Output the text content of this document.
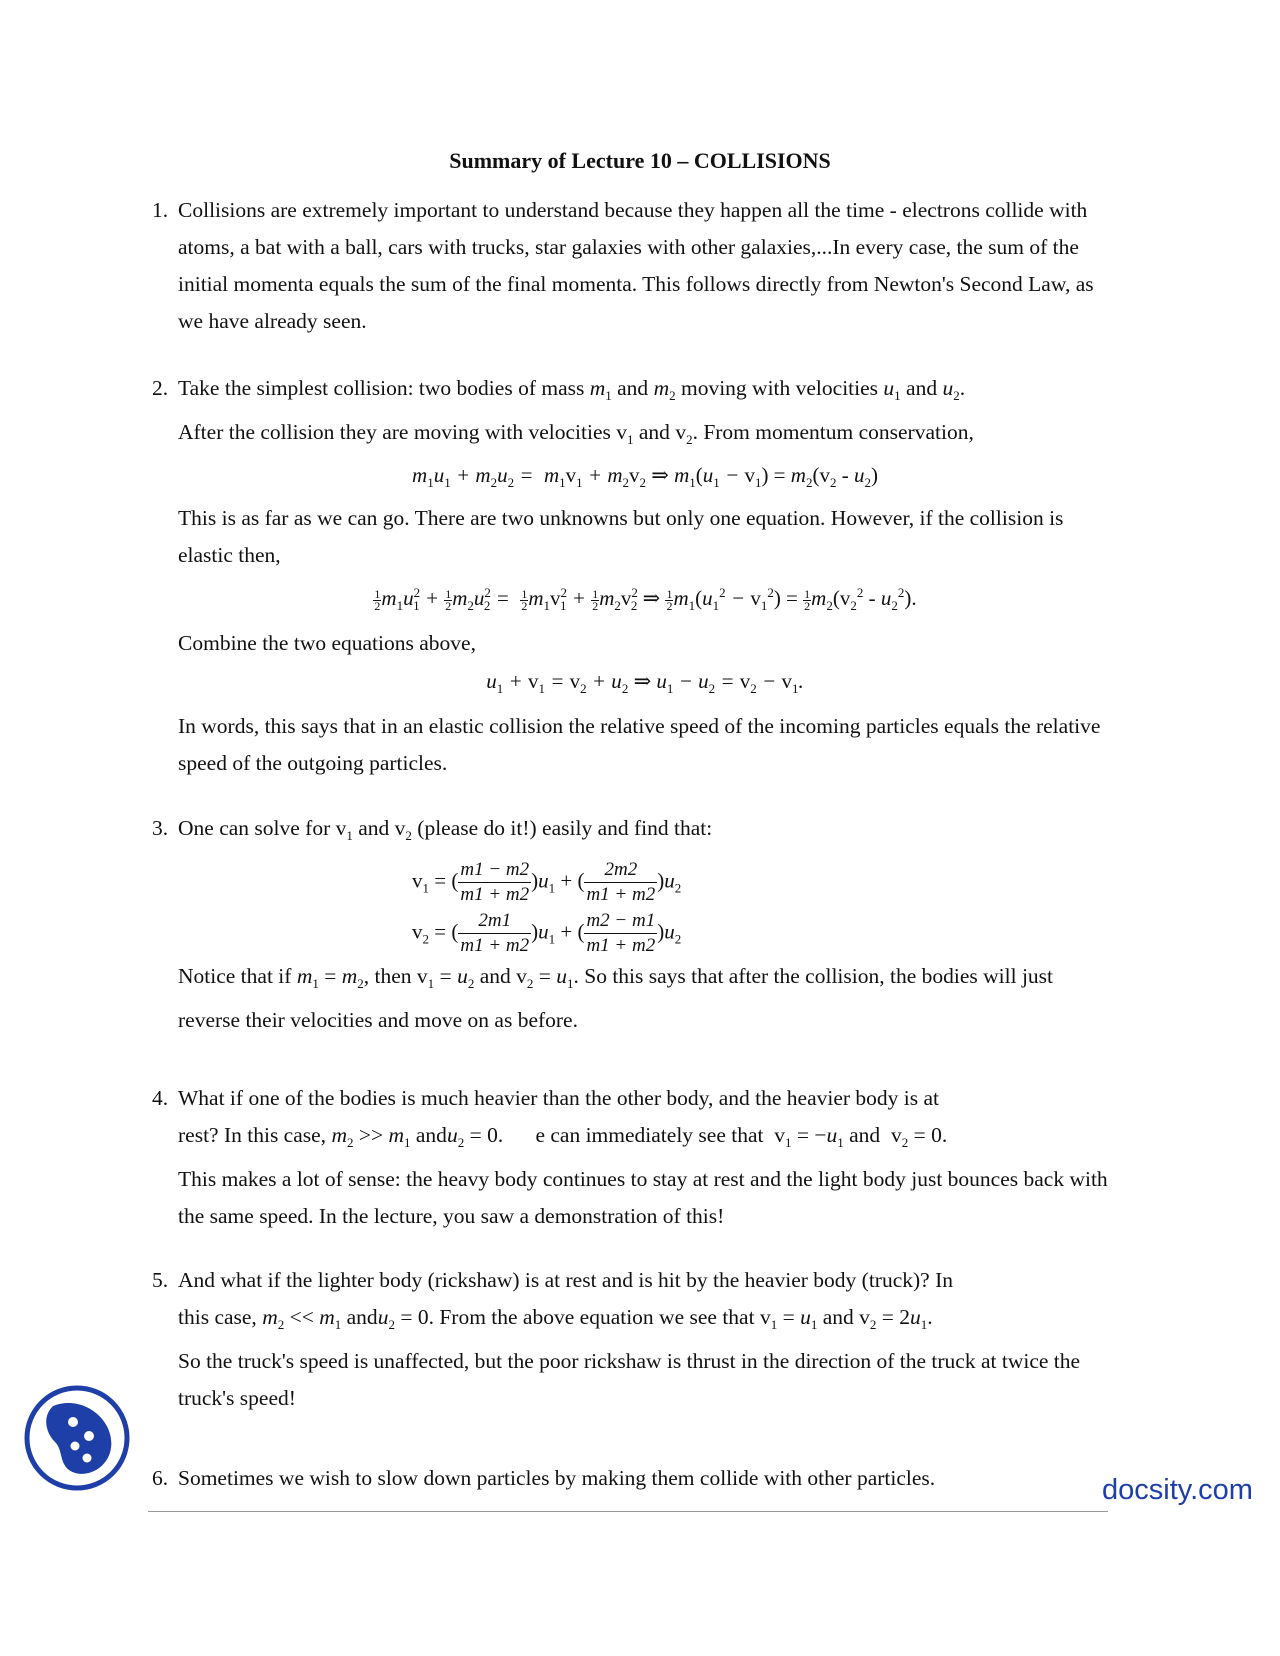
Summary of Lecture 10 – COLLISIONS
1. Collisions are extremely important to understand because they happen all the time - electrons collide with atoms, a bat with a ball, cars with trucks, star galaxies with other galaxies,...In every case, the sum of the initial momenta equals the sum of the final momenta. This follows directly from Newton's Second Law, as we have already seen.
2. Take the simplest collision: two bodies of mass $m_1$ and $m_2$ moving with velocities $u_1$ and $u_2$.
After the collision they are moving with velocities $v_1$ and $v_2$. From momentum conservation,
$m_1u_1 + m_2u_2 = m_1v_1 + m_2v_2$ ⇒ $m_1(u_1 - v_1) = m_2(v_2 - u_2)$
This is as far as we can go. There are two unknowns but only one equation. However, if the collision is elastic then,
$\frac{1}{2} m_1u^2_1 + \frac{1}{2} m_2u^2_2 = \frac{1}{2} m_1v^2_1 + \frac{1}{2} m_2v^2_2$ ⇒ $\frac{1}{2} m_1(u_1^2 - v_1^2) = \frac{1}{2} m_2(v_2^2 - u_2^2)$.
Combine the two equations above,
$u_1 + v_1 = v_2 + u_2$ ⇒ $u_1 - u_2 = v_2 - v_1$.
In words, this says that in an elastic collision the relative speed of the incoming particles equals the relative speed of the outgoing particles.
3. One can solve for $v_1$ and $v_2$ (please do it!) easily and find that:
$v_1$ = ( $\frac{m1 - m2}{m1 + m2} )u_1$ + ( $\frac{2m2}{m1 + m2} )u_2$
$v_2$ = ( $\frac{2m1}{m1 + m2} )u_1$ + ( $\frac{m2 - m1}{m1 + m2} )u_2$
Notice that if $m_1 = m_2$, then $v_1 = u_2$ and $v_2 = u_1$. So this says that after the collision, the bodies will just reverse their velocities and move on as before.
4. What if one of the bodies is much heavier than the other body, and the heavier body is at
rest? In this case, $m_2 >> m_1$ andu$_2$ = 0.      e can immediately see that  $v_1 = -u_1$ and  $v_2 = 0$.
This makes a lot of sense: the heavy body continues to stay at rest and the light body just bounces back with the same speed. In the lecture, you saw a demonstration of this!
5. And what if the lighter body (rickshaw) is at rest and is hit by the heavier body (truck)? In
this case, $m_2 << m_1$ andu$_2$ = 0. From the above equation we see that $v_1 = u_1$ and $v_2 = 2u_1$.
So the truck's speed is unaffected, but the poor rickshaw is thrust in the direction of the truck at twice the truck's speed!
6. Sometimes we wish to slow down particles by making them collide with other particles.	docsity.com
